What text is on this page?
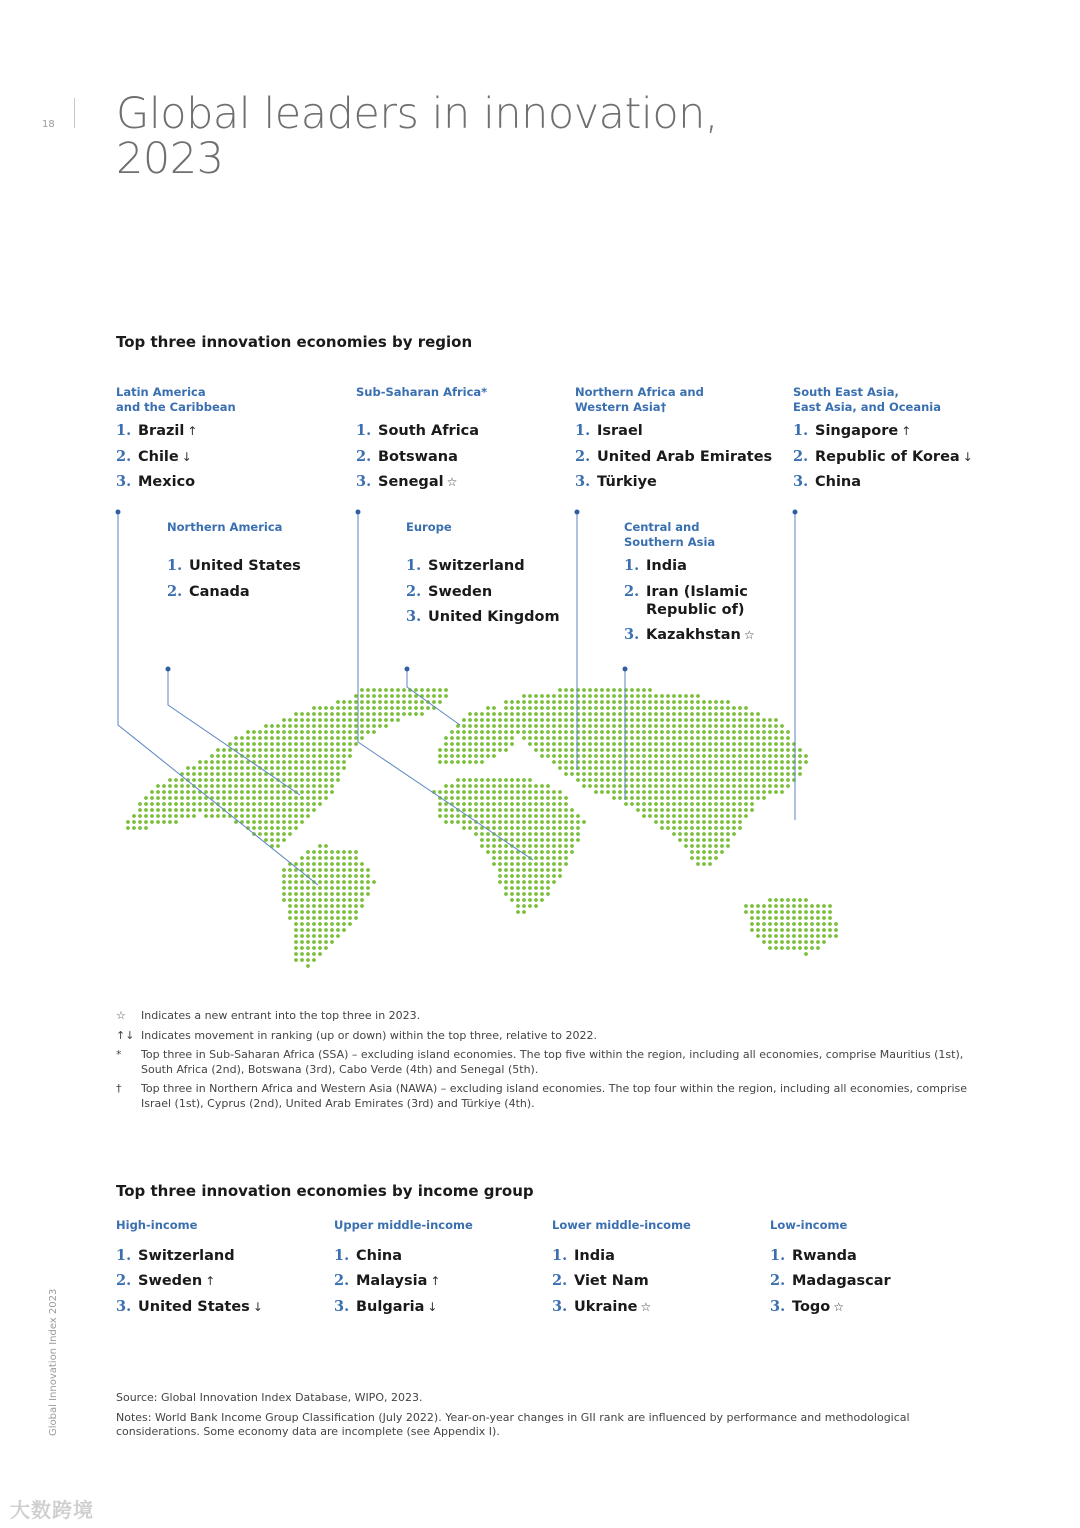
18 Global leaders in innovation,
2023
Top three innovation economies by region
Latin America
and the Caribbean
1. Brazil ↑
2. Chile ↓
3. Mexico
Sub-Saharan Africa*
1. South Africa
2. Botswana
3. Senegal ☆
Northern Africa and
Western Asia†
1. Israel
2. United Arab Emirates
3. Türkiye
South East Asia,
East Asia, and Oceania
1. Singapore ↑
2. Republic of Korea ↓
3. China
Northern America
1. United States
2. Canada
Europe
1. Switzerland
2. Sweden
3. United Kingdom
Central and
Southern Asia
1. India
2. Iran (Islamic
Republic of)
3. Kazakhstan ☆
☆	Indicates a new entrant into the top three in 2023.
↑↓ Indicates movement in ranking (up or down) within the top three, relative to 2022.
*	Top three in Sub-Saharan Africa (SSA) – excluding island economies. The top five within the region, including all economies, comprise Mauritius (1st), South Africa (2nd), Botswana (3rd), Cabo Verde (4th) and Senegal (5th).
†	Top three in Northern Africa and Western Asia (NAWA) – excluding island economies. The top four within the region, including all economies, comprise Israel (1st), Cyprus (2nd), United Arab Emirates (3rd) and Türkiye (4th).
Top three innovation economies by income group
High-income
1. Switzerland
2. Sweden ↑
3. United States ↓
Upper middle-income
1. China
2. Malaysia ↑
3. Bulgaria ↓
Lower middle-income
1. India
2. Viet Nam
3. Ukraine ☆
Low-income
1. Rwanda
2. Madagascar
3. Togo ☆

Source: Global Innovation Index Database, WIPO, 2023.

Notes: World Bank Income Group Classification (July 2022). Year-on-year changes in GII rank are influenced by performance and methodological considerations. Some economy data are incomplete (see Appendix I).

Global Innovation Index 2023
大数跨境
